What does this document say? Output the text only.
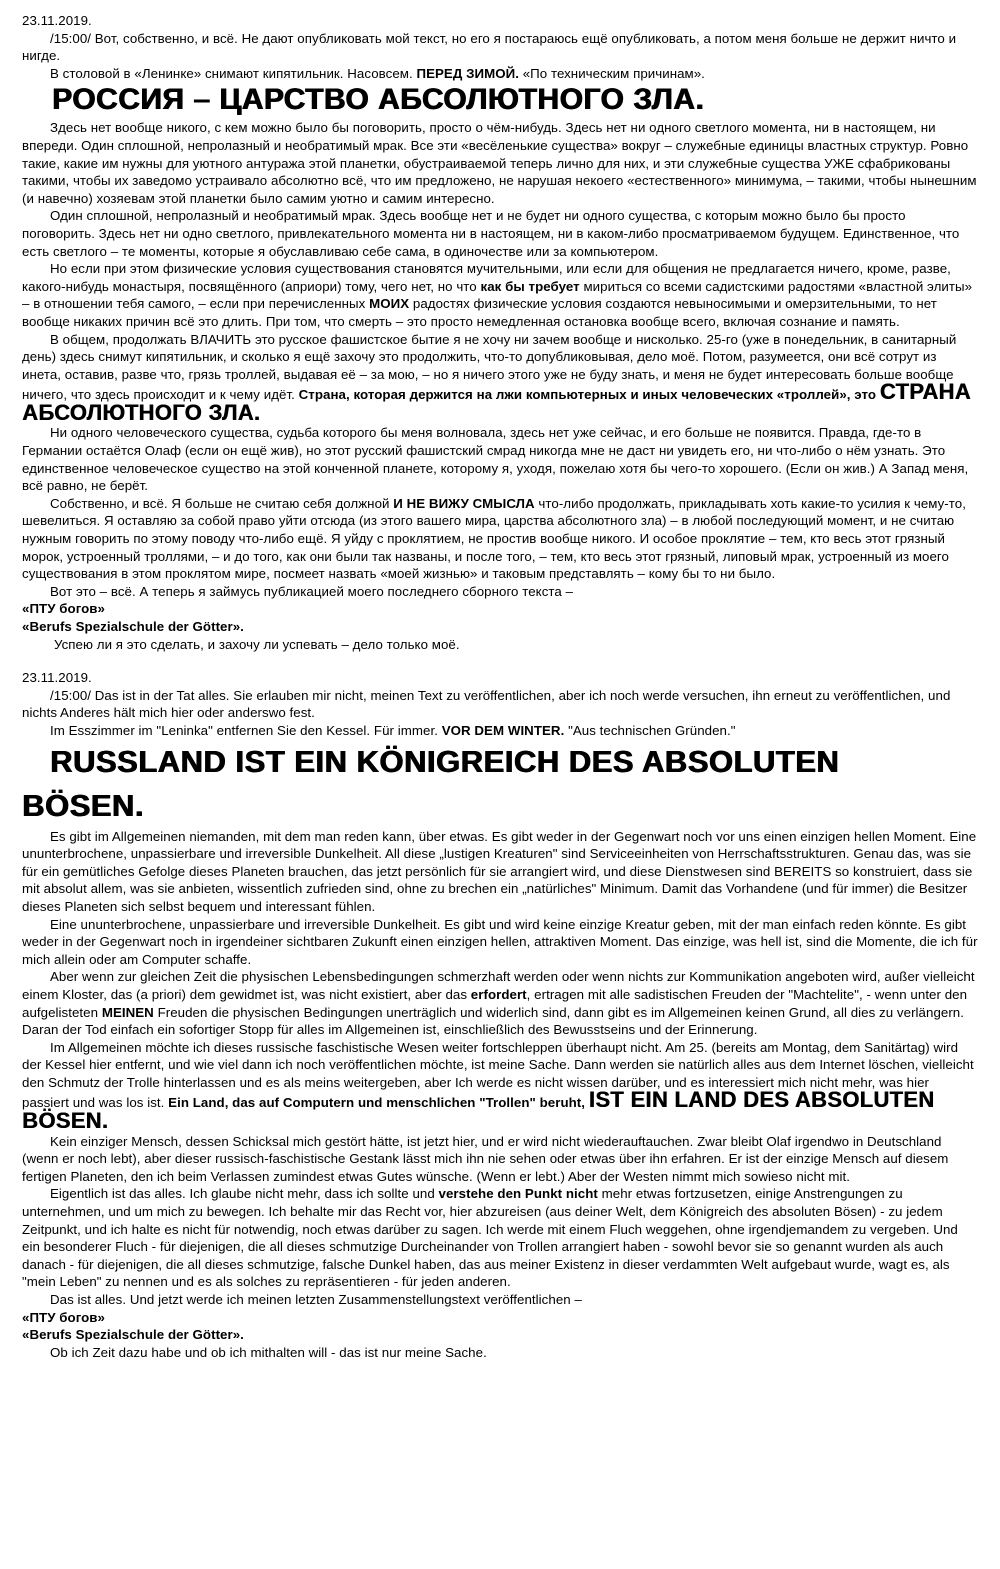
23.11.2019.

/15:00/ Вот, собственно, и всё. Не дают опубликовать мой текст, но его я постараюсь ещё опубликовать, а потом меня больше не держит ничто и нигде.

В столовой в «Ленинке» снимают кипятильник. Насовсем. ПЕРЕД ЗИМОЙ. «По техническим причинам».

РОССИЯ – ЦАРСТВО АБСОЛЮТНОГО ЗЛА.

Здесь нет вообще никого, с кем можно было бы поговорить, просто о чём-нибудь. Здесь нет ни одного светлого момента, ни в настоящем, ни впереди. Один сплошной, непролазный и необратимый мрак. Все эти «весёленькие существа» вокруг – служебные единицы властных структур. Ровно такие, какие им нужны для уютного антуража этой планетки, обустраиваемой теперь лично для них, и эти служебные существа УЖЕ сфабрикованы такими, чтобы их заведомо устраивало абсолютно всё, что им предложено, не нарушая некоего «естественного» минимума, – такими, чтобы нынешним (и навечно) хозяевам этой планетки было самим уютно и самим интересно.

Один сплошной, непролазный и необратимый мрак. Здесь вообще нет и не будет ни одного существа, с которым можно было бы просто поговорить. Здесь нет ни одно светлого, привлекательного момента ни в настоящем, ни в каком-либо просматриваемом будущем. Единственное, что есть светлого – те моменты, которые я обуславливаю себе сама, в одиночестве или за компьютером.

Но если при этом физические условия существования становятся мучительными, или если для общения не предлагается ничего, кроме, разве, какого-нибудь монастыря, посвящённого (априори) тому, чего нет, но что как бы требует мириться со всеми садистскими радостями «властной элиты» – в отношении тебя самого, – если при перечисленных МОИХ радостях физические условия создаются невыносимыми и омерзительными, то нет вообще никаких причин всё это длить. При том, что смерть – это просто немедленная остановка вообще всего, включая сознание и память.

В общем, продолжать ВЛАЧИТЬ это русское фашистское бытие я не хочу ни зачем вообще и нисколько. 25-го (уже в понедельник, в санитарный день) здесь снимут кипятильник, и сколько я ещё захочу это продолжить, что-то допубликовывая, дело моё. Потом, разумеется, они всё сотрут из инета, оставив, разве что, грязь троллей, выдавая её – за мою, – но я ничего этого уже не буду знать, и меня не будет интересовать больше вообще ничего, что здесь происходит и к чему идёт. Страна, которая держится на лжи компьютерных и иных человеческих «троллей», это СТРАНА АБСОЛЮТНОГО ЗЛА.

Ни одного человеческого существа, судьба которого бы меня волновала, здесь нет уже сейчас, и его больше не появится. Правда, где-то в Германии остаётся Олаф (если он ещё жив), но этот русский фашистский смрад никогда мне не даст ни увидеть его, ни что-либо о нём узнать. Это единственное человеческое существо на этой конченной планете, которому я, уходя, пожелаю хотя бы чего-то хорошего. (Если он жив.) А Запад меня, всё равно, не берёт.

Собственно, и всё. Я больше не считаю себя должной И НЕ ВИЖУ СМЫСЛА что-либо продолжать, прикладывать хоть какие-то усилия к чему-то, шевелиться. Я оставляю за собой право уйти отсюда (из этого вашего мира, царства абсолютного зла) – в любой последующий момент, и не считаю нужным говорить по этому поводу что-либо ещё. Я уйду с проклятием, не простив вообще никого. И особое проклятие – тем, кто весь этот грязный морок, устроенный троллями, – и до того, как они были так названы, и после того, – тем, кто весь этот грязный, липовый мрак, устроенный из моего существования в этом проклятом мире, посмеет назвать «моей жизнью» и таковым представлять – кому бы то ни было.

Вот это – всё. А теперь я займусь публикацией моего последнего сборного текста –

«ПТУ богов»

«Berufs Spezialschule der Götter».

Успею ли я это сделать, и захочу ли успевать – дело только моё.

23.11.2019.

/15:00/ Das ist in der Tat alles. Sie erlauben mir nicht, meinen Text zu veröffentlichen, aber ich noch werde versuchen, ihn erneut zu veröffentlichen, und nichts Anderes hält mich hier oder anderswo fest.

Im Esszimmer im "Leninka" entfernen Sie den Kessel. Für immer. VOR DEM WINTER. "Aus technischen Gründen."

RUSSLAND IST EIN KÖNIGREICH DES ABSOLUTEN
BÖSEN.

Es gibt im Allgemeinen niemanden, mit dem man reden kann, über etwas. Es gibt weder in der Gegenwart noch vor uns einen einzigen hellen Moment. Eine ununterbrochene, unpassierbare und irreversible Dunkelheit. All diese „lustigen Kreaturen" sind Serviceeinheiten von Herrschaftsstrukturen. Genau das, was sie für ein gemütliches Gefolge dieses Planeten brauchen, das jetzt persönlich für sie arrangiert wird, und diese Dienstwesen sind BEREITS so konstruiert, dass sie mit absolut allem, was sie anbieten, wissentlich zufrieden sind, ohne zu brechen ein „natürliches" Minimum. Damit das Vorhandene (und für immer) die Besitzer dieses Planeten sich selbst bequem und interessant fühlen.

Eine ununterbrochene, unpassierbare und irreversible Dunkelheit. Es gibt und wird keine einzige Kreatur geben, mit der man einfach reden könnte. Es gibt weder in der Gegenwart noch in irgendeiner sichtbaren Zukunft einen einzigen hellen, attraktiven Moment. Das einzige, was hell ist, sind die Momente, die ich für mich allein oder am Computer schaffe.

Aber wenn zur gleichen Zeit die physischen Lebensbedingungen schmerzhaft werden oder wenn nichts zur Kommunikation angeboten wird, außer vielleicht einem Kloster, das (a priori) dem gewidmet ist, was nicht existiert, aber das erfordert, ertragen mit alle sadistischen Freuden der "Machtelite", - wenn unter den aufgelisteten MEINEN Freuden die physischen Bedingungen unerträglich und widerlich sind, dann gibt es im Allgemeinen keinen Grund, all dies zu verlängern. Daran der Tod einfach ein sofortiger Stopp für alles im Allgemeinen ist, einschließlich des Bewusstseins und der Erinnerung.

Im Allgemeinen möchte ich dieses russische faschistische Wesen weiter fortschleppen überhaupt nicht. Am 25. (bereits am Montag, dem Sanitärtag) wird der Kessel hier entfernt, und wie viel dann ich noch veröffentlichen möchte, ist meine Sache. Dann werden sie natürlich alles aus dem Internet löschen, vielleicht den Schmutz der Trolle hinterlassen und es als meins weitergeben, aber Ich werde es nicht wissen darüber, und es interessiert mich nicht mehr, was hier passiert und was los ist. Ein Land, das auf Computern und menschlichen "Trollen" beruht, IST EIN LAND DES ABSOLUTEN BÖSEN.

Kein einziger Mensch, dessen Schicksal mich gestört hätte, ist jetzt hier, und er wird nicht wiederauftauchen. Zwar bleibt Olaf irgendwo in Deutschland (wenn er noch lebt), aber dieser russisch-faschistische Gestank lässt mich ihn nie sehen oder etwas über ihn erfahren. Er ist der einzige Mensch auf diesem fertigen Planeten, den ich beim Verlassen zumindest etwas Gutes wünsche. (Wenn er lebt.) Aber der Westen nimmt mich sowieso nicht mit.

Eigentlich ist das alles. Ich glaube nicht mehr, dass ich sollte und verstehe den Punkt nicht mehr etwas fortzusetzen, einige Anstrengungen zu unternehmen, und um mich zu bewegen. Ich behalte mir das Recht vor, hier abzureisen (aus deiner Welt, dem Königreich des absoluten Bösen) - zu jedem Zeitpunkt, und ich halte es nicht für notwendig, noch etwas darüber zu sagen. Ich werde mit einem Fluch weggehen, ohne irgendjemandem zu vergeben. Und ein besonderer Fluch - für diejenigen, die all dieses schmutzige Durcheinander von Trollen arrangiert haben - sowohl bevor sie so genannt wurden als auch danach - für diejenigen, die all dieses schmutzige, falsche Dunkel haben, das aus meiner Existenz in dieser verdammten Welt aufgebaut wurde, wagt es, als "mein Leben" zu nennen und es als solches zu repräsentieren - für jeden anderen.

Das ist alles. Und jetzt werde ich meinen letzten Zusammenstellungstext veröffentlichen –

«ПТУ богов»

«Berufs Spezialschule der Götter».

Ob ich Zeit dazu habe und ob ich mithalten will - das ist nur meine Sache.
